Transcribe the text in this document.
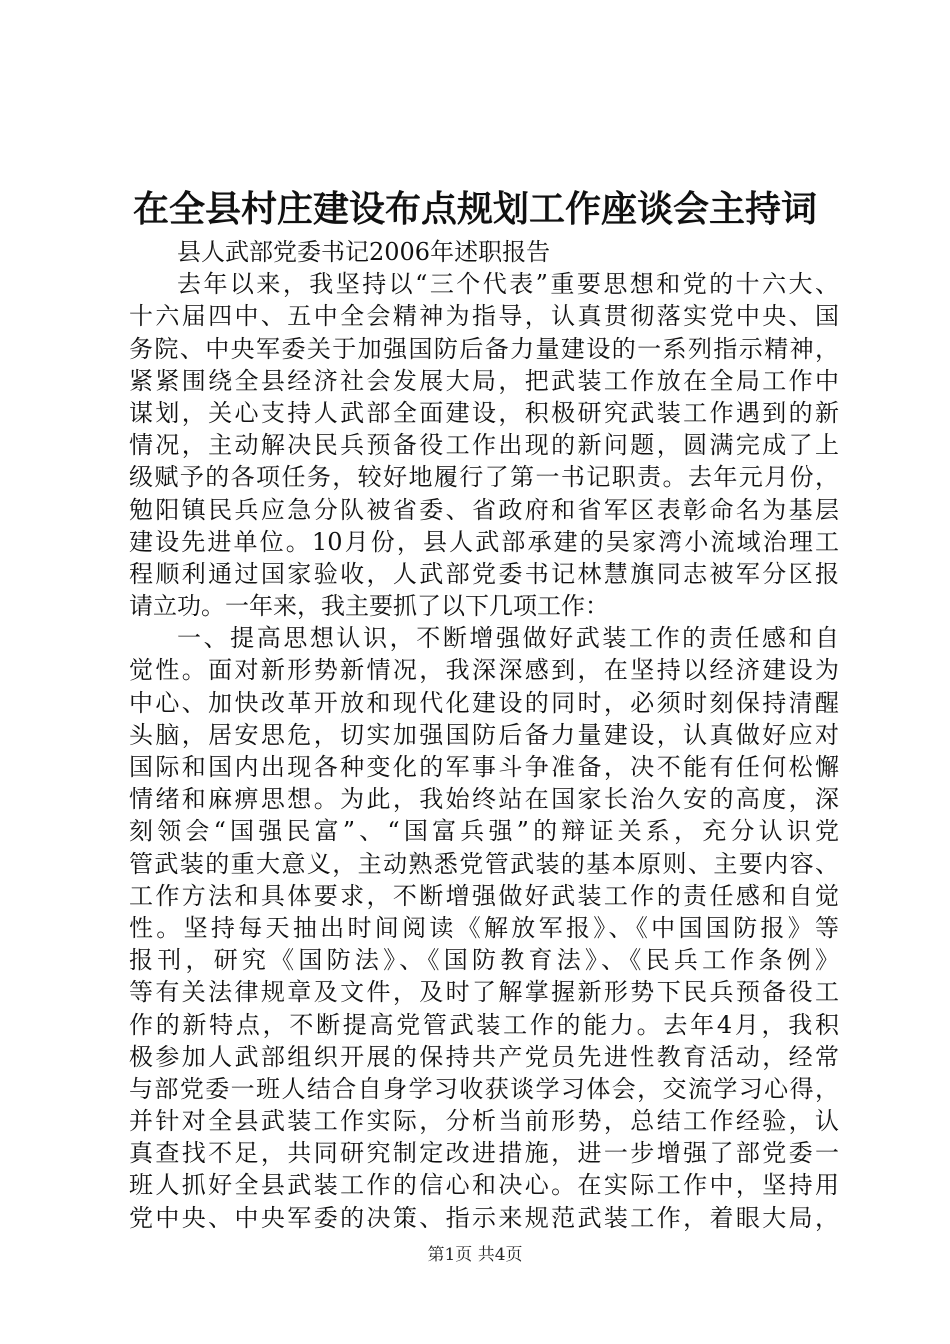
在全县村庄建设布点规划工作座谈会主持词
县人武部党委书记2006年述职报告
去年以来，我坚持以“三个代表”重要思想和党的十六大、
十六届四中、五中全会精神为指导，认真贯彻落实党中央、国
务院、中央军委关于加强国防后备力量建设的一系列指示精神，
紧紧围绕全县经济社会发展大局，把武装工作放在全局工作中
谋划，关心支持人武部全面建设，积极研究武装工作遇到的新
情况，主动解决民兵预备役工作出现的新问题，圆满完成了上
级赋予的各项任务，较好地履行了第一书记职责。去年元月份，
勉阳镇民兵应急分队被省委、省政府和省军区表彰命名为基层
建设先进单位。10月份，县人武部承建的吴家湾小流域治理工
程顺利通过国家验收，人武部党委书记林慧旗同志被军分区报
请立功。一年来，我主要抓了以下几项工作：
一、提高思想认识，不断增强做好武装工作的责任感和自
觉性。面对新形势新情况，我深深感到，在坚持以经济建设为
中心、加快改革开放和现代化建设的同时，必须时刻保持清醒
头脑，居安思危，切实加强国防后备力量建设，认真做好应对
国际和国内出现各种变化的军事斗争准备，决不能有任何松懈
情绪和麻痹思想。为此，我始终站在国家长治久安的高度，深
刻领会“国强民富”、“国富兵强”的辩证关系，充分认识党
管武装的重大意义，主动熟悉党管武装的基本原则、主要内容、
工作方法和具体要求，不断增强做好武装工作的责任感和自觉
性。坚持每天抽出时间阅读《解放军报》、《中国国防报》等
报刊，研究《国防法》、《国防教育法》、《民兵工作条例》
等有关法律规章及文件，及时了解掌握新形势下民兵预备役工
作的新特点，不断提高党管武装工作的能力。去年4月，我积
极参加人武部组织开展的保持共产党员先进性教育活动，经常
与部党委一班人结合自身学习收获谈学习体会，交流学习心得，
并针对全县武装工作实际，分析当前形势，总结工作经验，认
真查找不足，共同研究制定改进措施，进一步增强了部党委一
班人抓好全县武装工作的信心和决心。在实际工作中，坚持用
党中央、中央军委的决策、指示来规范武装工作，着眼大局，
第1页 共4页
